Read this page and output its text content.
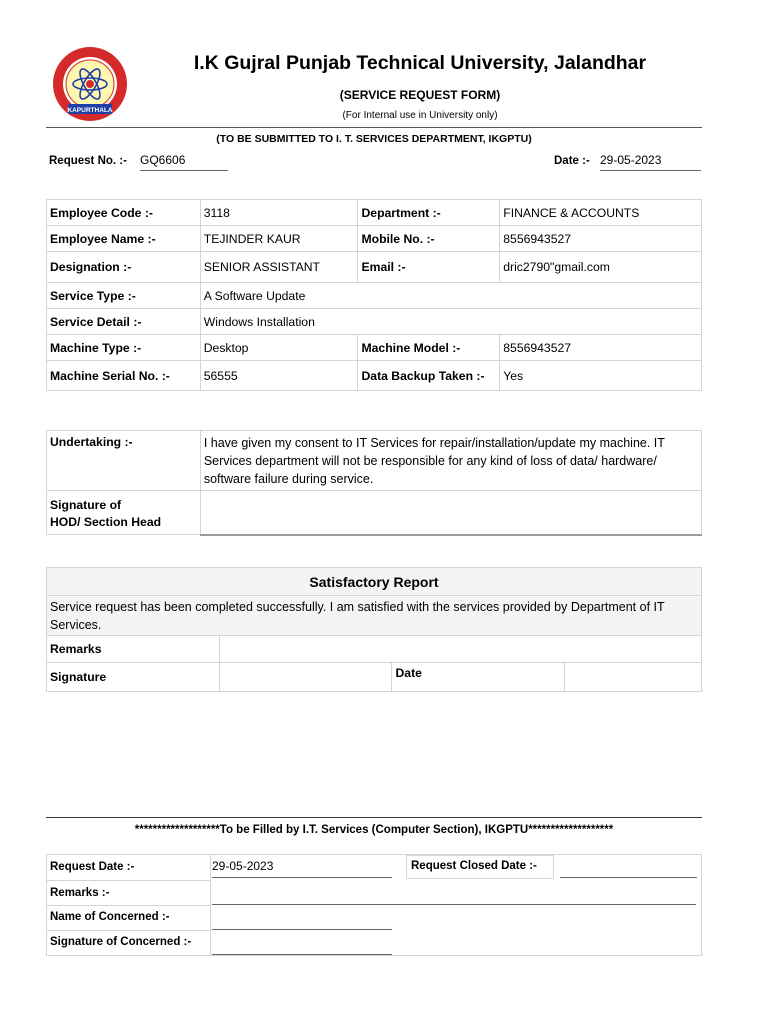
KAPURTHALA
I.K Gujral Punjab Technical University, Jalandhar
(SERVICE REQUEST FORM)
(For Internal use in University only)
(TO BE SUBMITTED TO I. T. SERVICES DEPARTMENT, IKGPTU)
Request No. :- GQ6606	Date :- 29-05-2023
Employee Code :-	3118	Department :-	FINANCE & ACCOUNTS
Employee Name :-	TEJINDER KAUR	Mobile No. :-	8556943527
Designation :-	SENIOR ASSISTANT	Email :-	dric2790"gmail.com
Service Type :-	A Software Update		
Service Detail :-	Windows Installation		
Machine Type :-	Desktop	Machine Model :-	8556943527
Machine Serial No. :-	56555	Data Backup Taken :-	Yes
Undertaking :-	I have given my consent to IT Services for repair/installation/update my machine. IT Services department will not be responsible for any kind of loss of data/ hardware/ software failure during service.

Signature of
HOD/ Section Head	

Satisfactory Report			
Service request has been completed successfully. I am satisfied with the services provided by Department of IT Services.			
Remarks			
Signature		Date	
*******************To be Filled by I.T. Services (Computer Section), IKGPTU*******************
Request Date :-	29-05-2023	Request Closed Date :-
Remarks :-
Name of Concerned :-
Signature of Concerned :-
